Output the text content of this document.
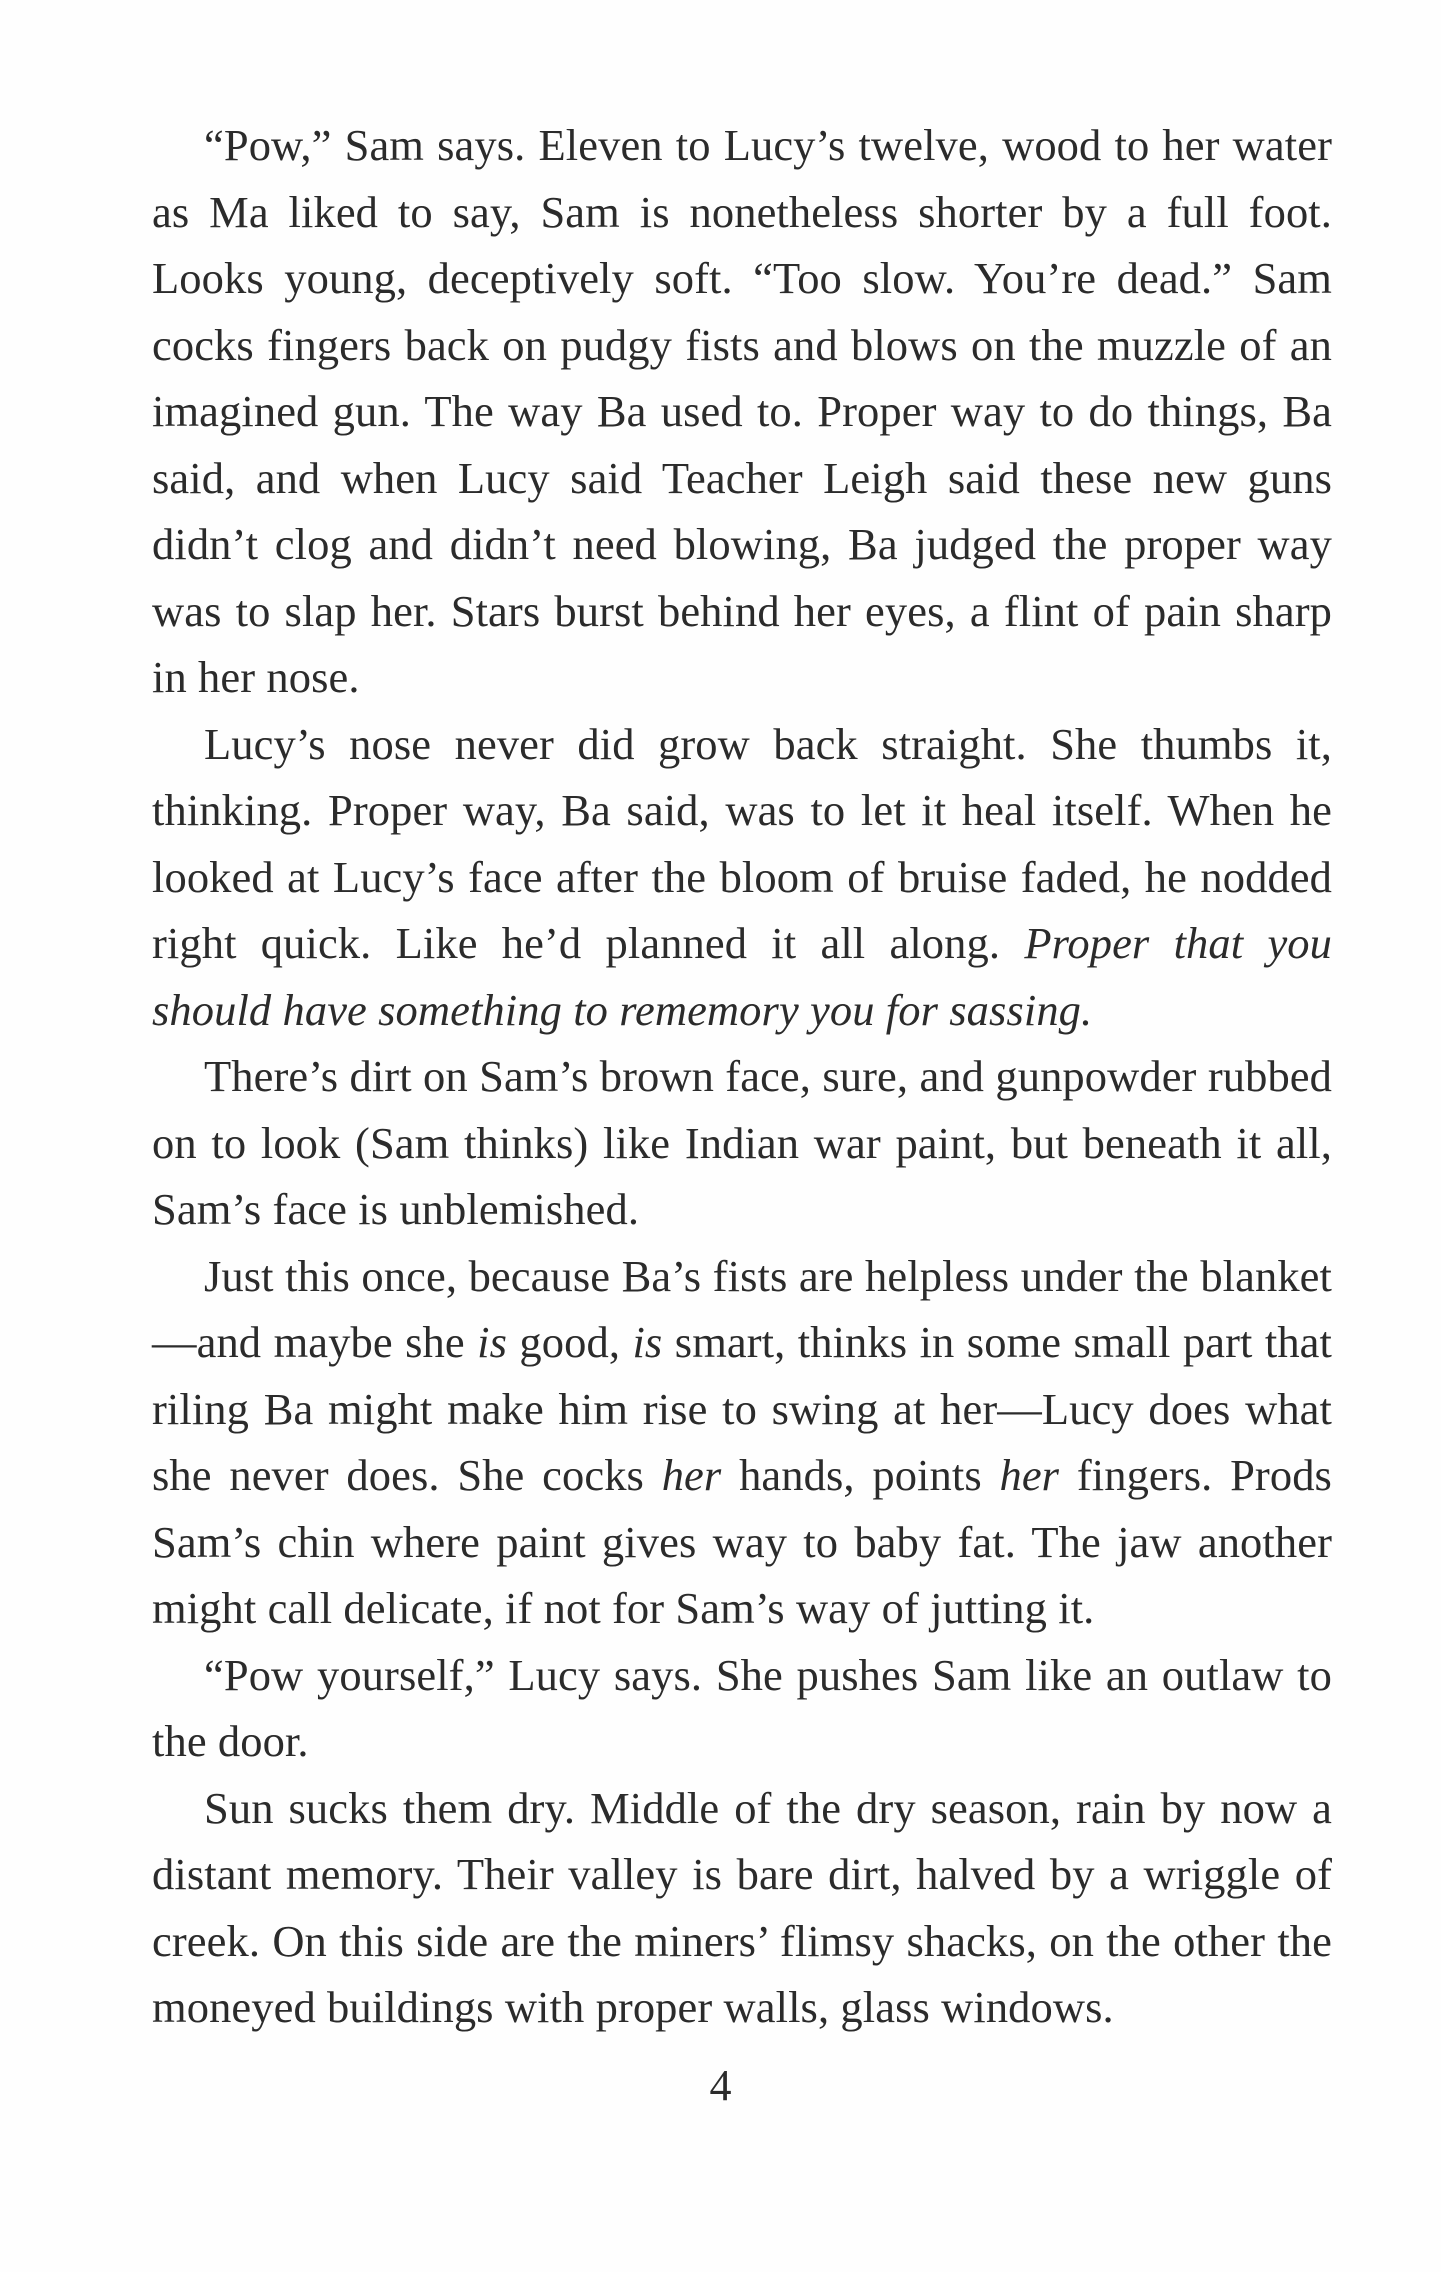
“Pow,” Sam says. Eleven to Lucy’s twelve, wood to her water as Ma liked to say, Sam is nonetheless shorter by a full foot. Looks young, deceptively soft. “Too slow. You’re dead.” Sam cocks fingers back on pudgy fists and blows on the muzzle of an imagined gun. The way Ba used to. Proper way to do things, Ba said, and when Lucy said Teacher Leigh said these new guns didn’t clog and didn’t need blowing, Ba judged the proper way was to slap her. Stars burst behind her eyes, a flint of pain sharp in her nose.

Lucy’s nose never did grow back straight. She thumbs it, thinking. Proper way, Ba said, was to let it heal itself. When he looked at Lucy’s face after the bloom of bruise faded, he nodded right quick. Like he’d planned it all along. Proper that you should have something to rememory you for sassing.

There’s dirt on Sam’s brown face, sure, and gunpowder rubbed on to look (Sam thinks) like Indian war paint, but beneath it all, Sam’s face is unblemished.

Just this once, because Ba’s fists are helpless under the blanket—and maybe she is good, is smart, thinks in some small part that riling Ba might make him rise to swing at her—Lucy does what she never does. She cocks her hands, points her fingers. Prods Sam’s chin where paint gives way to baby fat. The jaw another might call delicate, if not for Sam’s way of jutting it.

“Pow yourself,” Lucy says. She pushes Sam like an outlaw to the door.

Sun sucks them dry. Middle of the dry season, rain by now a distant memory. Their valley is bare dirt, halved by a wriggle of creek. On this side are the miners’ flimsy shacks, on the other the moneyed buildings with proper walls, glass windows.

4
